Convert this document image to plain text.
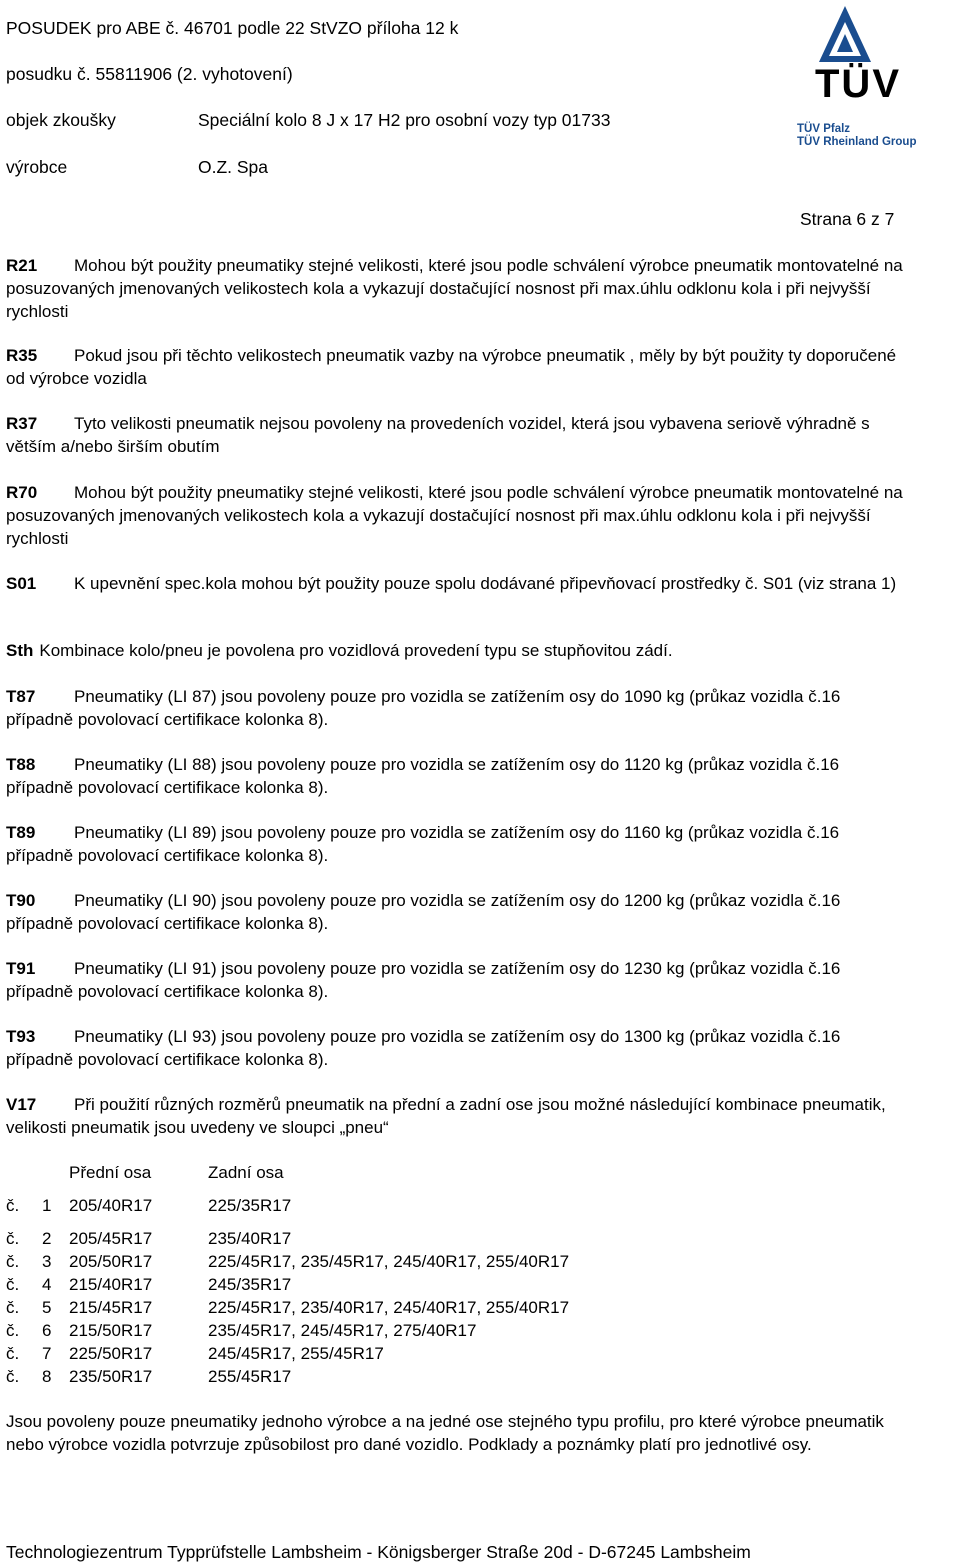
POSUDEK pro ABE č. 46701 podle 22 StVZO příloha 12 k
posudku č. 55811906 (2. vyhotovení)
objek zkoušky	Speciální kolo 8 J x 17 H2 pro osobní vozy typ 01733
výrobce	O.Z. Spa
Strana 6 z 7
TÜV
TÜV Pfalz
TÜV Rheinland Group
R21 Mohou být použity pneumatiky stejné velikosti, které jsou podle schválení výrobce pneumatik montovatelné na posuzovaných jmenovaných velikostech kola a vykazují dostačující nosnost při max.úhlu odklonu kola i při nejvyšší rychlosti
R35 Pokud jsou při těchto velikostech pneumatik vazby na výrobce pneumatik , měly by být použity ty doporučené od výrobce vozidla
R37 Tyto velikosti pneumatik nejsou povoleny na provedeních vozidel, která jsou vybavena seriově výhradně s větším a/nebo širším obutím
R70 Mohou být použity pneumatiky stejné velikosti, které jsou podle schválení výrobce pneumatik montovatelné na posuzovaných jmenovaných velikostech kola a vykazují dostačující nosnost při max.úhlu odklonu kola i při nejvyšší rychlosti
S01 K upevnění spec.kola mohou být použity pouze spolu dodávané připevňovací prostředky č. S01 (viz strana 1)
Sth Kombinace kolo/pneu je povolena pro vozidlová provedení typu se stupňovitou zádí.
T87 Pneumatiky (LI 87) jsou povoleny pouze pro vozidla se zatížením osy do 1090 kg (průkaz vozidla č.16 případně povolovací certifikace kolonka 8).
T88 Pneumatiky (LI 88) jsou povoleny pouze pro vozidla se zatížením osy do 1120 kg (průkaz vozidla č.16 případně povolovací certifikace kolonka 8).
T89 Pneumatiky (LI 89) jsou povoleny pouze pro vozidla se zatížením osy do 1160 kg (průkaz vozidla č.16 případně povolovací certifikace kolonka 8).
T90 Pneumatiky (LI 90) jsou povoleny pouze pro vozidla se zatížením osy do 1200 kg (průkaz vozidla č.16 případně povolovací certifikace kolonka 8).
T91 Pneumatiky (LI 91) jsou povoleny pouze pro vozidla se zatížením osy do 1230 kg (průkaz vozidla č.16 případně povolovací certifikace kolonka 8).
T93 Pneumatiky (LI 93) jsou povoleny pouze pro vozidla se zatížením osy do 1300 kg (průkaz vozidla č.16 případně povolovací certifikace kolonka 8).
V17 Při použití různých rozměrů pneumatik na přední a zadní ose jsou možné následující kombinace pneumatik, velikosti pneumatik jsou uvedeny ve sloupci „pneu“
Přední osa	Zadní osa
č. 1 205/40R17	225/35R17
č. 2 205/45R17	235/40R17
č. 3 205/50R17	225/45R17, 235/45R17, 245/40R17, 255/40R17
č. 4 215/40R17	245/35R17
č. 5 215/45R17	225/45R17, 235/40R17, 245/40R17, 255/40R17
č. 6 215/50R17	235/45R17, 245/45R17, 275/40R17
č. 7 225/50R17	245/45R17, 255/45R17
č. 8 235/50R17	255/45R17
Jsou povoleny pouze pneumatiky jednoho výrobce a na jedné ose stejného typu profilu, pro které výrobce pneumatik nebo výrobce vozidla potvrzuje způsobilost pro dané vozidlo. Podklady a poznámky platí pro jednotlivé osy.
Technologiezentrum Typprüfstelle Lambsheim - Königsberger Straße 20d - D-67245 Lambsheim
